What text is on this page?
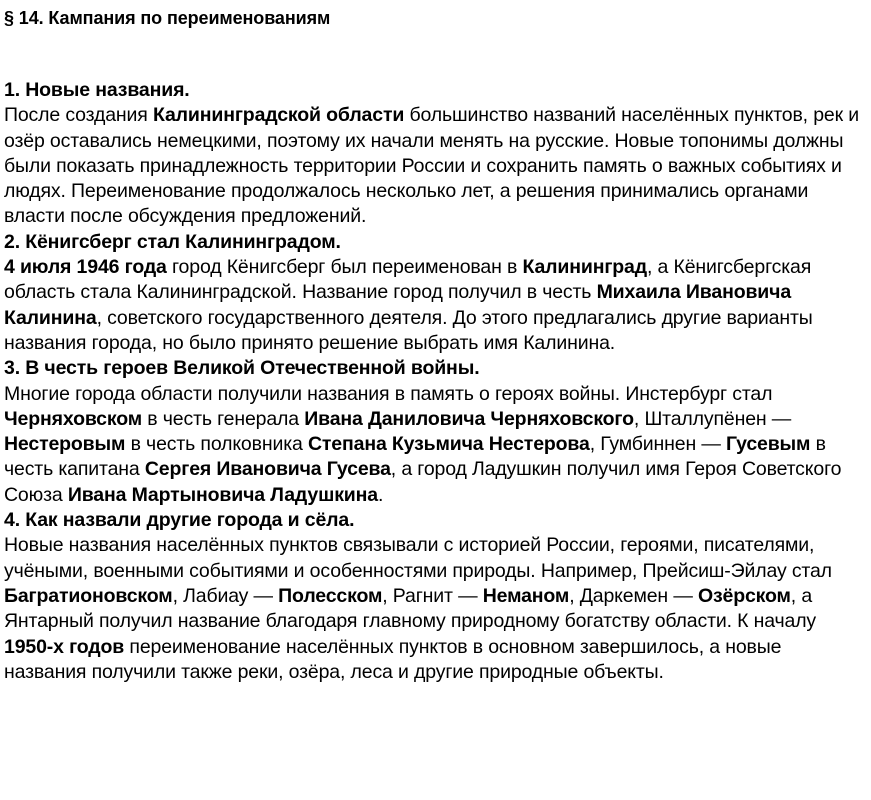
§ 14. Кампания по переименованиям
1. Новые названия.
После создания Калининградской области большинство названий населённых пунктов, рек и озёр оставались немецкими, поэтому их начали менять на русские. Новые топонимы должны были показать принадлежность территории России и сохранить память о важных событиях и людях. Переименование продолжалось несколько лет, а решения принимались органами власти после обсуждения предложений.
2. Кёнигсберг стал Калининградом.
4 июля 1946 года город Кёнигсберг был переименован в Калининград, а Кёнигсбергская область стала Калининградской. Название город получил в честь Михаила Ивановича Калинина, советского государственного деятеля. До этого предлагались другие варианты названия города, но было принято решение выбрать имя Калинина.
3. В честь героев Великой Отечественной войны.
Многие города области получили названия в память о героях войны. Инстербург стал Черняховском в честь генерала Ивана Даниловича Черняховского, Шталлупёнен — Нестеровым в честь полковника Степана Кузьмича Нестерова, Гумбиннен — Гусевым в честь капитана Сергея Ивановича Гусева, а город Ладушкин получил имя Героя Советского Союза Ивана Мартыновича Ладушкина.
4. Как назвали другие города и сёла.
Новые названия населённых пунктов связывали с историей России, героями, писателями, учёными, военными событиями и особенностями природы. Например, Прейсиш-Эйлау стал Багратионовском, Лабиау — Полесском, Рагнит — Неманом, Даркемен — Озёрском, а Янтарный получил название благодаря главному природному богатству области. К началу 1950-х годов переименование населённых пунктов в основном завершилось, а новые названия получили также реки, озёра, леса и другие природные объекты.
